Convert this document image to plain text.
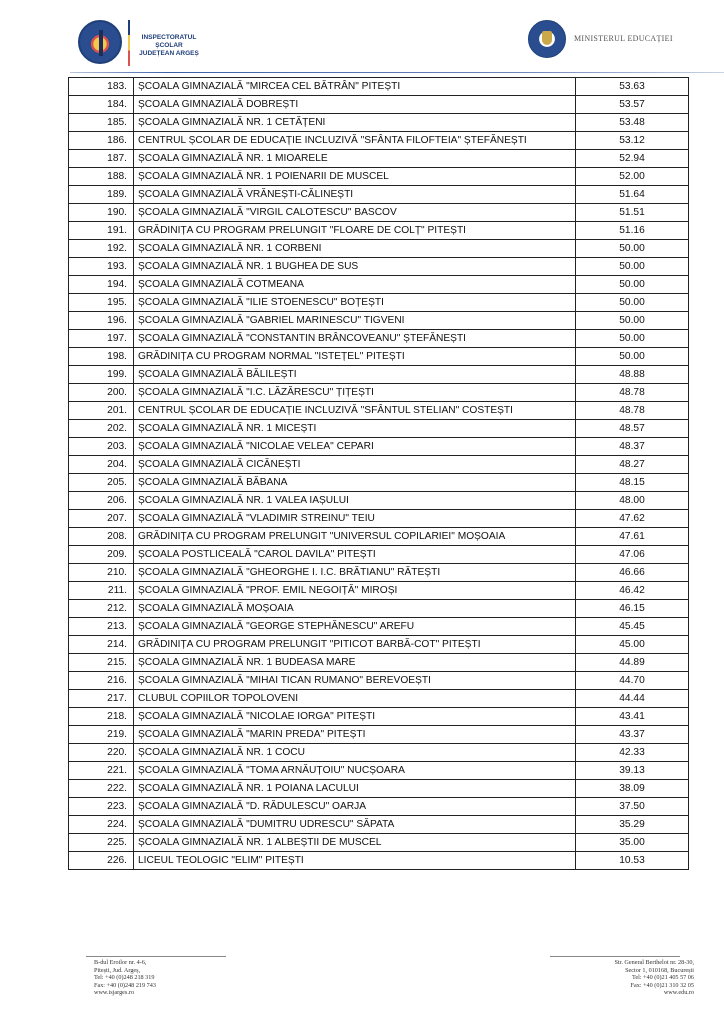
INSPECTORATUL ȘCOLAR
JUDEȚEAN ARGEȘ
MINISTERUL EDUCAȚIEI
183.	ȘCOALA GIMNAZIALĂ "MIRCEA CEL BĂTRÂN" PITEȘTI	53.63
184.	ȘCOALA GIMNAZIALĂ DOBREȘTI	53.57
185.	ȘCOALA GIMNAZIALĂ NR. 1 CETĂȚENI	53.48
186.	CENTRUL ȘCOLAR DE EDUCAȚIE INCLUZIVĂ "SFÂNTA FILOFTEIA" ȘTEFĂNEȘTI	53.12
187.	ȘCOALA GIMNAZIALĂ NR. 1 MIOARELE	52.94
188.	ȘCOALA GIMNAZIALĂ NR. 1 POIENARII DE MUSCEL	52.00
189.	ȘCOALA GIMNAZIALĂ VRĂNEȘTI-CĂLINEȘTI	51.64
190.	ȘCOALA GIMNAZIALĂ "VIRGIL CALOTESCU" BASCOV	51.51
191.	GRĂDINIȚA CU PROGRAM PRELUNGIT "FLOARE DE COLȚ" PITEȘTI	51.16
192.	ȘCOALA GIMNAZIALĂ NR. 1 CORBENI	50.00
193.	ȘCOALA GIMNAZIALĂ NR. 1 BUGHEA DE SUS	50.00
194.	ȘCOALA GIMNAZIALĂ COTMEANA	50.00
195.	ȘCOALA GIMNAZIALĂ "ILIE STOENESCU" BOȚEȘTI	50.00
196.	ȘCOALA GIMNAZIALĂ "GABRIEL MARINESCU" TIGVENI	50.00
197.	ȘCOALA GIMNAZIALĂ "CONSTANTIN BRÂNCOVEANU" ȘTEFĂNEȘTI	50.00
198.	GRĂDINIȚA CU PROGRAM NORMAL "ISTEȚEL" PITEȘTI	50.00
199.	ȘCOALA GIMNAZIALĂ BĂLILEȘTI	48.88
200.	ȘCOALA GIMNAZIALĂ "I.C. LĂZĂRESCU" ȚIȚEȘTI	48.78
201.	CENTRUL ȘCOLAR DE EDUCAȚIE INCLUZIVĂ "SFÂNTUL STELIAN" COSTEȘTI	48.78
202.	ȘCOALA GIMNAZIALĂ NR. 1 MICEȘTI	48.57
203.	ȘCOALA GIMNAZIALĂ "NICOLAE VELEA" CEPARI	48.37
204.	ȘCOALA GIMNAZIALĂ CICĂNEȘTI	48.27
205.	ȘCOALA GIMNAZIALĂ BĂBANA	48.15
206.	ȘCOALA GIMNAZIALĂ NR. 1 VALEA IAȘULUI	48.00
207.	ȘCOALA GIMNAZIALĂ "VLADIMIR STREINU" TEIU	47.62
208.	GRĂDINIȚA CU PROGRAM PRELUNGIT "UNIVERSUL COPILARIEI" MOȘOAIA	47.61
209.	ȘCOALA POSTLICEALĂ "CAROL DAVILA" PITEȘTI	47.06
210.	ȘCOALA GIMNAZIALĂ "GHEORGHE I. I.C. BRĂTIANU" RĂTEȘTI	46.66
211.	ȘCOALA GIMNAZIALĂ "PROF. EMIL NEGOIȚĂ" MIROȘI	46.42
212.	ȘCOALA GIMNAZIALĂ MOȘOAIA	46.15
213.	ȘCOALA GIMNAZIALĂ "GEORGE STEPHĂNESCU" AREFU	45.45
214.	GRĂDINIȚA CU PROGRAM PRELUNGIT "PITICOT BARBĂ-COT" PITEȘTI	45.00
215.	ȘCOALA GIMNAZIALĂ NR. 1 BUDEASA MARE	44.89
216.	ȘCOALA GIMNAZIALĂ "MIHAI TICAN RUMANO" BEREVOEȘTI	44.70
217.	CLUBUL COPIILOR TOPOLOVENI	44.44
218.	ȘCOALA GIMNAZIALĂ "NICOLAE IORGA" PITEȘTI	43.41
219.	ȘCOALA GIMNAZIALĂ "MARIN PREDA" PITEȘTI	43.37
220.	ȘCOALA GIMNAZIALĂ NR. 1 COCU	42.33
221.	ȘCOALA GIMNAZIALĂ "TOMA ARNĂUȚOIU" NUCȘOARA	39.13
222.	ȘCOALA GIMNAZIALĂ NR. 1 POIANA LACULUI	38.09
223.	ȘCOALA GIMNAZIALĂ "D. RĂDULESCU" OARJA	37.50
224.	ȘCOALA GIMNAZIALĂ "DUMITRU UDRESCU" SĂPATA	35.29
225.	ȘCOALA GIMNAZIALĂ NR. 1 ALBEȘTII DE MUSCEL	35.00
226.	LICEUL TEOLOGIC "ELIM" PITEȘTI	10.53
B-dul Eroilor nr. 4-6,
Pitești, Jud. Argeș,
Tel: +40 (0)248 218 319
Fax: +40 (0)248 219 743
www.isjarges.ro
Str. General Berthelot nr. 28-30,
Sector 1, 010168, București
Tel: +40 (0)21 405 57 06
Fax: +40 (0)21 310 32 05
www.edu.ro
